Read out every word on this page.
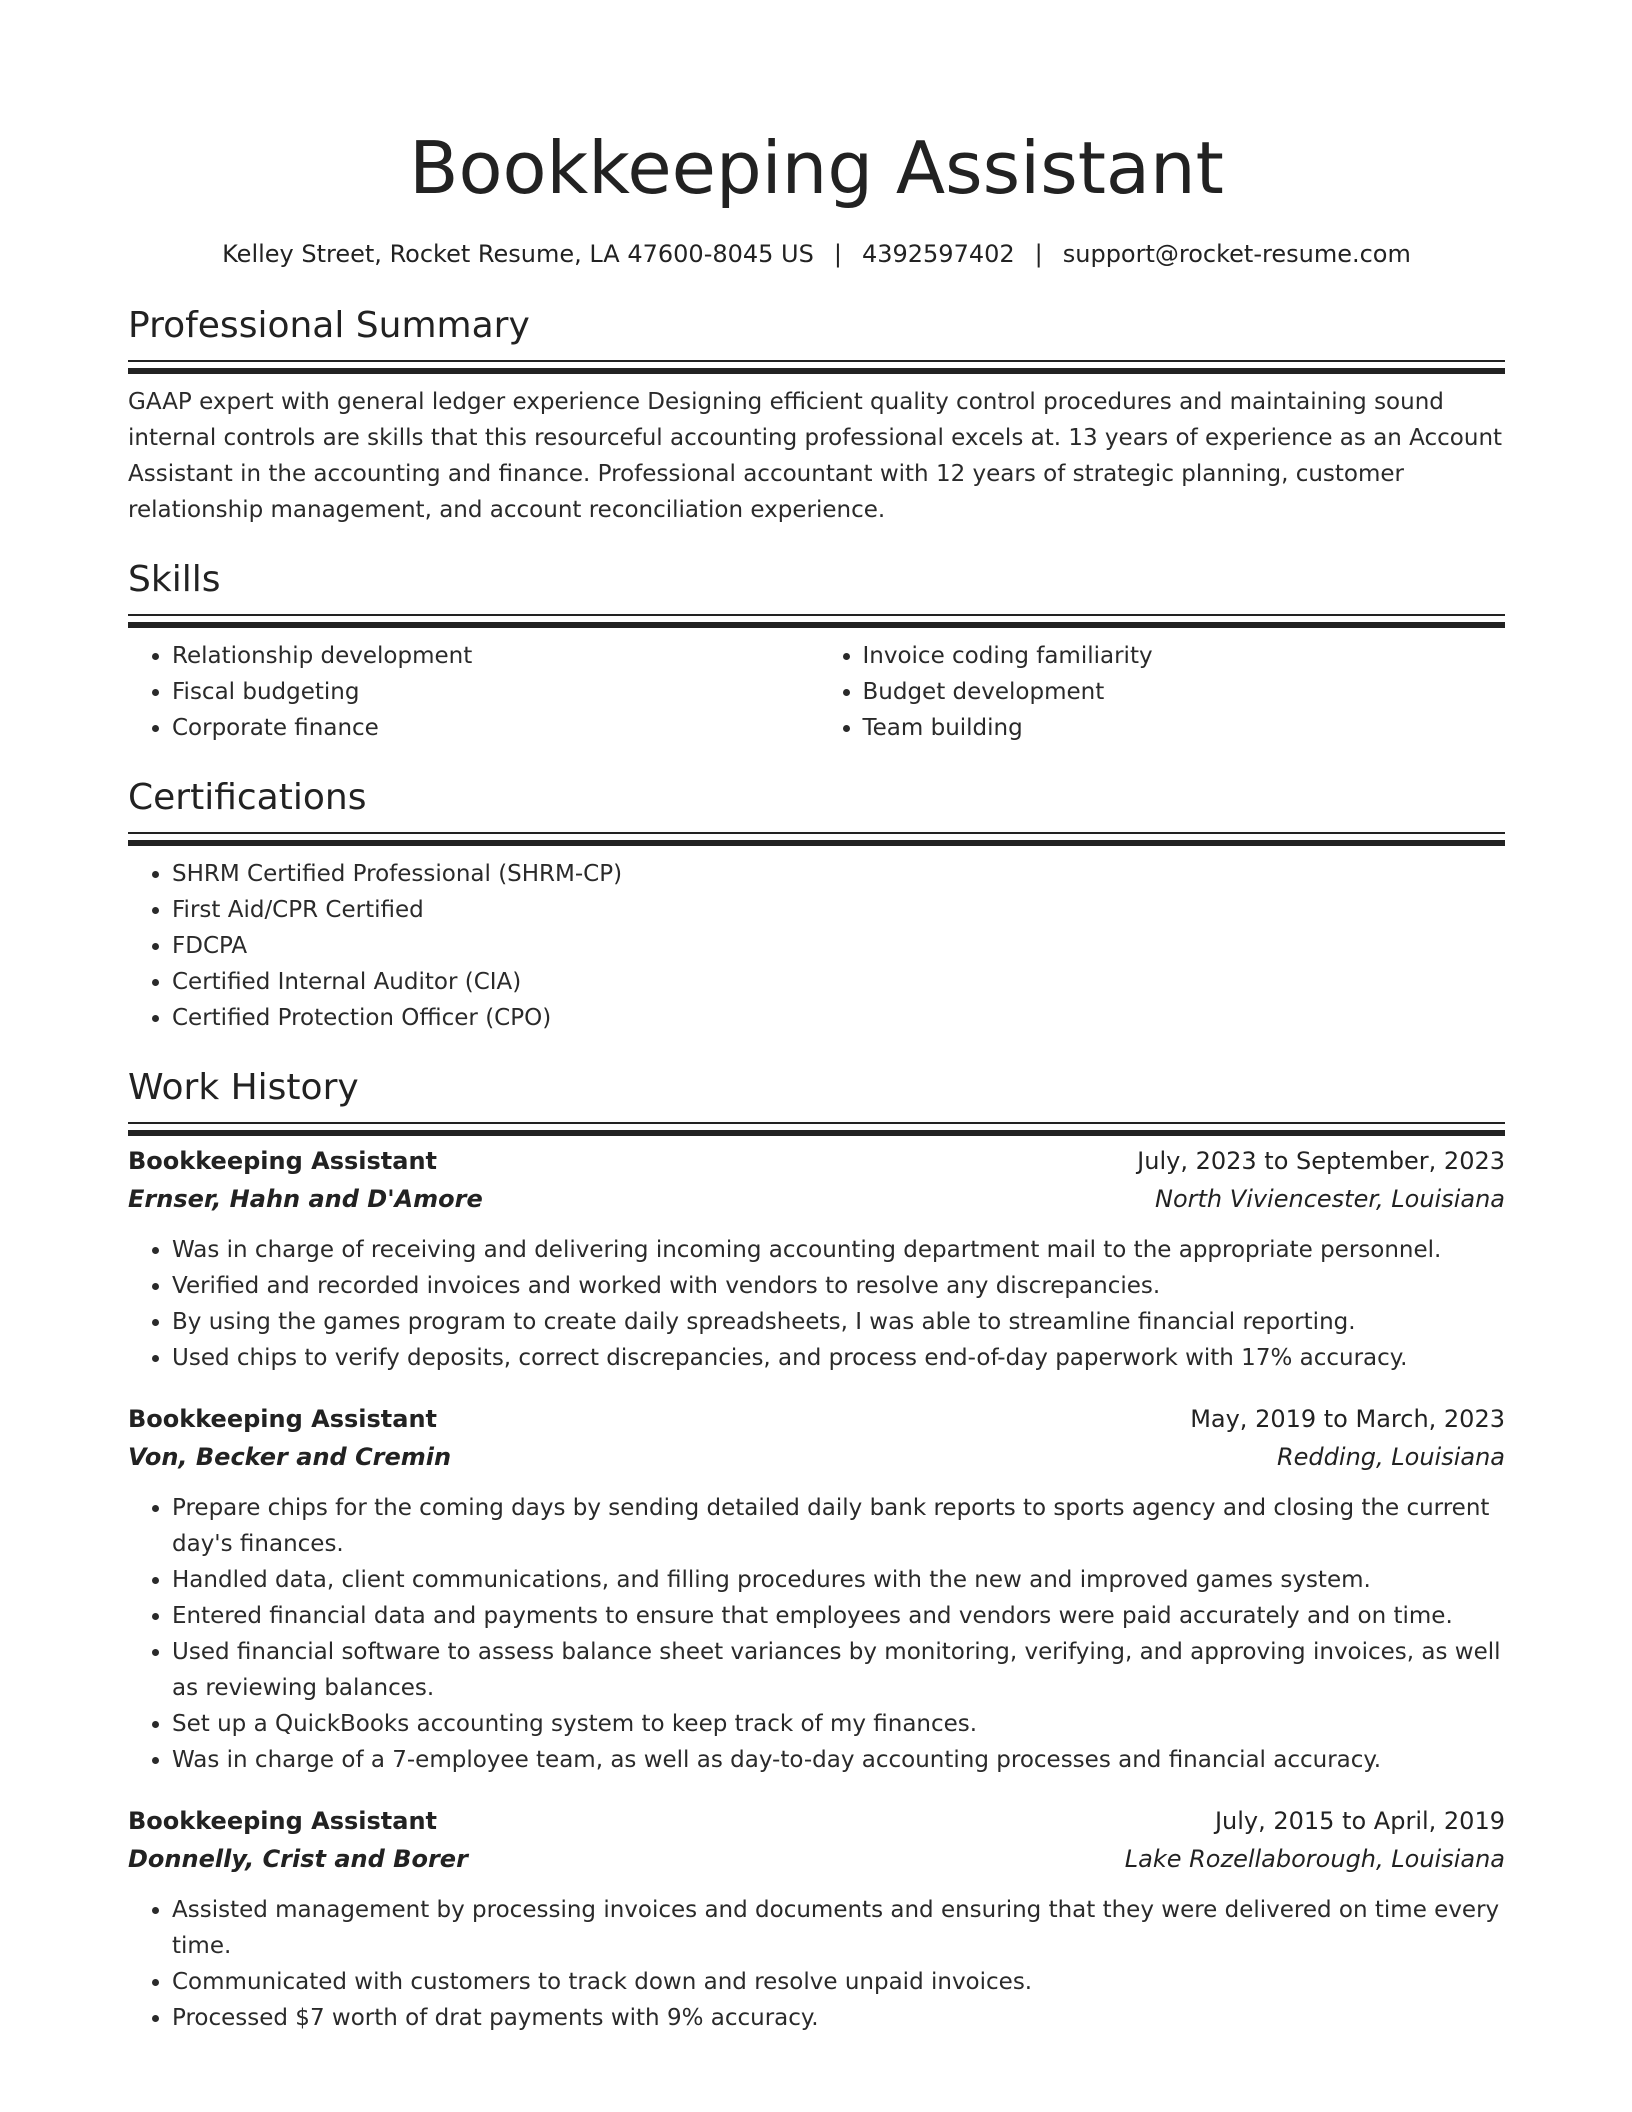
Bookkeeping Assistant
Kelley Street, Rocket Resume, LA 47600-8045 US | 4392597402 | support@rocket-resume.com
Professional Summary

GAAP expert with general ledger experience Designing efficient quality control procedures and maintaining sound internal controls are skills that this resourceful accounting professional excels at. 13 years of experience as an Account Assistant in the accounting and finance. Professional accountant with 12 years of strategic planning, customer relationship management, and account reconciliation experience.

Skills
• Relationship development
• Fiscal budgeting
• Corporate finance
• Invoice coding familiarity
• Budget development
• Team building
Certifications
• SHRM Certified Professional (SHRM-CP)
• First Aid/CPR Certified
• FDCPA
• Certified Internal Auditor (CIA)
• Certified Protection Officer (CPO)
Work History
Bookkeeping Assistant	July, 2023 to September, 2023
Ernser, Hahn and D'Amore	North Viviencester, Louisiana
• Was in charge of receiving and delivering incoming accounting department mail to the appropriate personnel.
• Verified and recorded invoices and worked with vendors to resolve any discrepancies.
• By using the games program to create daily spreadsheets, I was able to streamline financial reporting.
• Used chips to verify deposits, correct discrepancies, and process end-of-day paperwork with 17% accuracy.
Bookkeeping Assistant	May, 2019 to March, 2023
Von, Becker and Cremin	Redding, Louisiana
• Prepare chips for the coming days by sending detailed daily bank reports to sports agency and closing the current day's finances.
• Handled data, client communications, and filling procedures with the new and improved games system.
• Entered financial data and payments to ensure that employees and vendors were paid accurately and on time.
• Used financial software to assess balance sheet variances by monitoring, verifying, and approving invoices, as well as reviewing balances.
• Set up a QuickBooks accounting system to keep track of my finances.
• Was in charge of a 7-employee team, as well as day-to-day accounting processes and financial accuracy.
Bookkeeping Assistant	July, 2015 to April, 2019
Donnelly, Crist and Borer	Lake Rozellaborough, Louisiana
• Assisted management by processing invoices and documents and ensuring that they were delivered on time every time.
• Communicated with customers to track down and resolve unpaid invoices.
• Processed $7 worth of drat payments with 9% accuracy.
